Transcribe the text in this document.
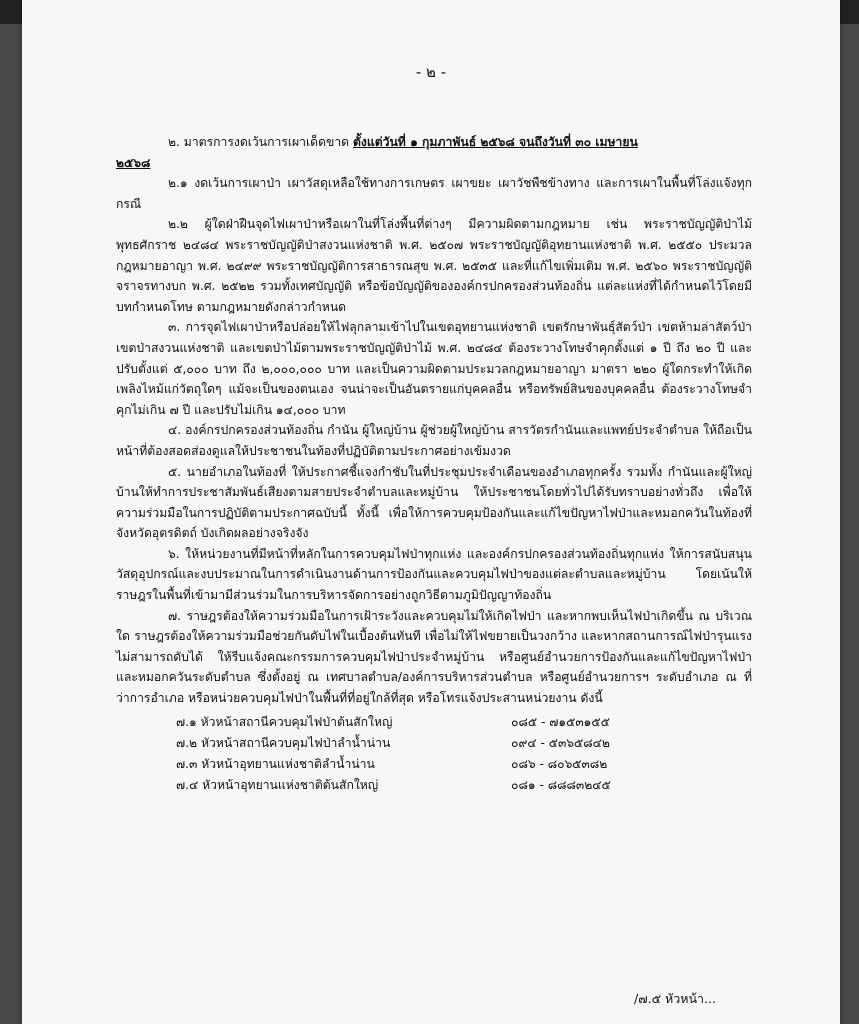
- ๒ -

๒. มาตรการงดเว้นการเผาเด็ดขาด ตั้งแต่วันที่ ๑ กุมภาพันธ์ ๒๕๖๘ จนถึงวันที่ ๓๐ เมษายน

๒๕๖๘

๒.๑ งดเว้นการเผาป่า เผาวัสดุเหลือใช้ทางการเกษตร เผาขยะ เผาวัชพืชข้างทาง และการเผาในพื้นที่โล่งแจ้งทุกกรณี

๒.๒ ผู้ใดฝ่าฝืนจุดไฟเผาป่าหรือเผาในที่โล่งพื้นที่ต่างๆ มีความผิดตามกฎหมาย เช่น พระราชบัญญัติป่าไม้ พุทธศักราช ๒๔๘๔ พระราชบัญญัติป่าสงวนแห่งชาติ พ.ศ. ๒๕๐๗ พระราชบัญญัติอุทยานแห่งชาติ พ.ศ. ๒๕๕๐ ประมวลกฎหมายอาญา พ.ศ. ๒๔๙๙ พระราชบัญญัติการสาธารณสุข พ.ศ. ๒๕๓๕ และที่แก้ไขเพิ่มเติม พ.ศ. ๒๕๖๐ พระราชบัญญัติจราจรทางบก พ.ศ. ๒๕๒๒ รวมทั้งเทศบัญญัติ หรือข้อบัญญัติขององค์กรปกครองส่วนท้องถิ่น แต่ละแห่งที่ได้กำหนดไว้โดยมีบทกำหนดโทษ ตามกฎหมายดังกล่าวกำหนด

๓. การจุดไฟเผาป่าหรือปล่อยให้ไฟลุกลามเข้าไปในเขตอุทยานแห่งชาติ เขตรักษาพันธุ์สัตว์ป่า เขตห้ามล่าสัตว์ป่า เขตป่าสงวนแห่งชาติ และเขตป่าไม้ตามพระราชบัญญัติป่าไม้ พ.ศ. ๒๔๘๔ ต้องระวางโทษจำคุกตั้งแต่ ๑ ปี ถึง ๒๐ ปี และปรับตั้งแต่ ๕,๐๐๐ บาท ถึง ๒,๐๐๐,๐๐๐ บาท และเป็นความผิดตามประมวลกฎหมายอาญา มาตรา ๒๒๐ ผู้ใดกระทำให้เกิดเพลิงไหม้แก่วัตถุใดๆ แม้จะเป็นของตนเอง จนน่าจะเป็นอันตรายแก่บุคคลอื่น หรือทรัพย์สินของบุคคลอื่น ต้องระวางโทษจำคุกไม่เกิน ๗ ปี และปรับไม่เกิน ๑๔,๐๐๐ บาท

๔. องค์กรปกครองส่วนท้องถิ่น กำนัน ผู้ใหญ่บ้าน ผู้ช่วยผู้ใหญ่บ้าน สารวัตรกำนันและแพทย์ประจำตำบล ให้ถือเป็นหน้าที่ต้องสอดส่องดูแลให้ประชาชนในท้องที่ปฏิบัติตามประกาศอย่างเข้มงวด

๕. นายอำเภอในท้องที่ ให้ประกาศชี้แจงกำชับในที่ประชุมประจำเดือนของอำเภอทุกครั้ง รวมทั้ง กำนันและผู้ใหญ่บ้านให้ทำการประชาสัมพันธ์เสียงตามสายประจำตำบลและหมู่บ้าน ให้ประชาชนโดยทั่วไปได้รับทราบอย่างทั่วถึง เพื่อให้ความร่วมมือในการปฏิบัติตามประกาศฉบับนี้ ทั้งนี้ เพื่อให้การควบคุมป้องกันและแก้ไขปัญหาไฟป่าและหมอกควันในท้องที่จังหวัดอุตรดิตถ์ บังเกิดผลอย่างจริงจัง

๖. ให้หน่วยงานที่มีหน้าที่หลักในการควบคุมไฟป่าทุกแห่ง และองค์กรปกครองส่วนท้องถิ่นทุกแห่ง ให้การสนับสนุนวัสดุอุปกรณ์และงบประมาณในการดำเนินงานด้านการป้องกันและควบคุมไฟป่าของแต่ละตำบลและหมู่บ้าน โดยเน้นให้ราษฎรในพื้นที่เข้ามามีส่วนร่วมในการบริหารจัดการอย่างถูกวิธีตามภูมิปัญญาท้องถิ่น

๗. ราษฎรต้องให้ความร่วมมือในการเฝ้าระวังและควบคุมไม่ให้เกิดไฟป่า และหากพบเห็นไฟป่าเกิดขึ้น ณ บริเวณใด ราษฎรต้องให้ความร่วมมือช่วยกันดับไฟในเบื้องต้นทันที เพื่อไม่ให้ไฟขยายเป็นวงกว้าง และหากสถานการณ์ไฟป่ารุนแรงไม่สามารถดับได้ ให้รีบแจ้งคณะกรรมการควบคุมไฟป่าประจำหมู่บ้าน หรือศูนย์อำนวยการป้องกันและแก้ไขปัญหาไฟป่าและหมอกควันระดับตำบล ซึ่งตั้งอยู่ ณ เทศบาลตำบล/องค์การบริหารส่วนตำบล หรือศูนย์อำนวยการฯ ระดับอำเภอ ณ ที่ว่าการอำเภอ หรือหน่วยควบคุมไฟป่าในพื้นที่ที่อยู่ใกล้ที่สุด หรือโทรแจ้งประสานหน่วยงาน ดังนี้

๗.๑ หัวหน้าสถานีควบคุมไฟป่าต้นสักใหญ่	๐๘๕ - ๗๑๕๓๑๕๕
๗.๒ หัวหน้าสถานีควบคุมไฟป่าลำน้ำน่าน	๐๙๔ - ๕๓๖๕๘๔๒
๗.๓ หัวหน้าอุทยานแห่งชาติลำน้ำน่าน	๐๘๖ - ๘๐๖๕๓๘๒
๗.๔ หัวหน้าอุทยานแห่งชาติต้นสักใหญ่	๐๘๑ - ๘๘๘๓๒๔๕
/๗.๕ หัวหน้า...
